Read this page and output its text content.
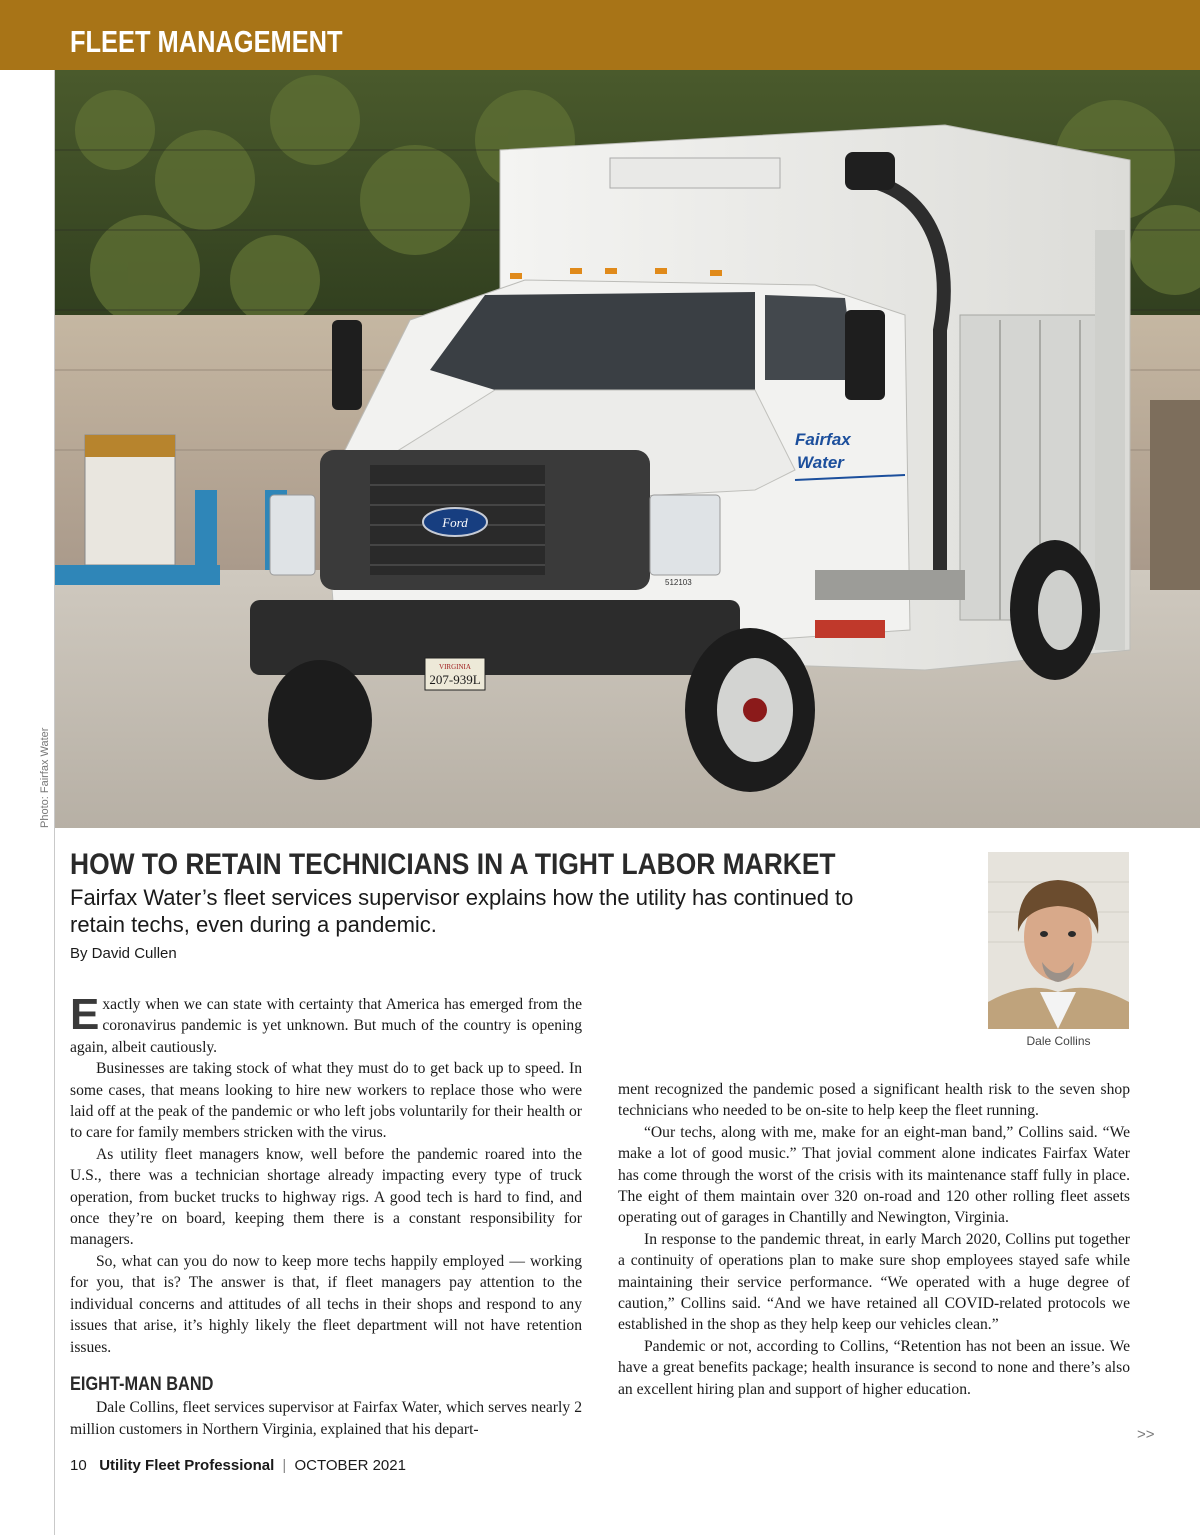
FLEET MANAGEMENT
Photo: Fairfax Water
VIRGINIA
207-939L
Ford
Fairfax
Water
512103
HOW TO RETAIN TECHNICIANS IN A TIGHT LABOR MARKET
Fairfax Water’s fleet services supervisor explains how the utility has continued to retain techs, even during a pandemic.
By David Cullen
Dale Collins

Exactly when we can state with certainty that America has emerged from the coronavirus pandemic is yet unknown. But much of the country is opening again, albeit cautiously.

Businesses are taking stock of what they must do to get back up to speed. In some cases, that means looking to hire new workers to replace those who were laid off at the peak of the pandemic or who left jobs voluntarily for their health or to care for family members stricken with the virus.

As utility fleet managers know, well before the pandemic roared into the U.S., there was a technician shortage already impacting every type of truck operation, from bucket trucks to highway rigs. A good tech is hard to find, and once they’re on board, keeping them there is a constant responsibility for managers.

So, what can you do now to keep more techs happily employed — working for you, that is? The answer is that, if fleet managers pay attention to the individual concerns and attitudes of all techs in their shops and respond to any issues that arise, it’s highly likely the fleet department will not have retention issues.

EIGHT-MAN BAND

Dale Collins, fleet services supervisor at Fairfax Water, which serves nearly 2 million customers in Northern Virginia, explained that his depart-

ment recognized the pandemic posed a significant health risk to the seven shop technicians who needed to be on-site to help keep the fleet running.

“Our techs, along with me, make for an eight-man band,” Collins said. “We make a lot of good music.” That jovial comment alone indicates Fairfax Water has come through the worst of the crisis with its maintenance staff fully in place. The eight of them maintain over 320 on-road and 120 other rolling fleet assets operating out of garages in Chantilly and Newington, Virginia.

In response to the pandemic threat, in early March 2020, Collins put together a continuity of operations plan to make sure shop employees stayed safe while maintaining their service performance. “We operated with a huge degree of caution,” Collins said. “And we have retained all COVID-related protocols we established in the shop as they help keep our vehicles clean.”

Pandemic or not, according to Collins, “Retention has not been an issue. We have a great benefits package; health insurance is second to none and there’s also an excellent hiring plan and support of higher education.

>>
10 Utility Fleet Professional | OCTOBER 2021
